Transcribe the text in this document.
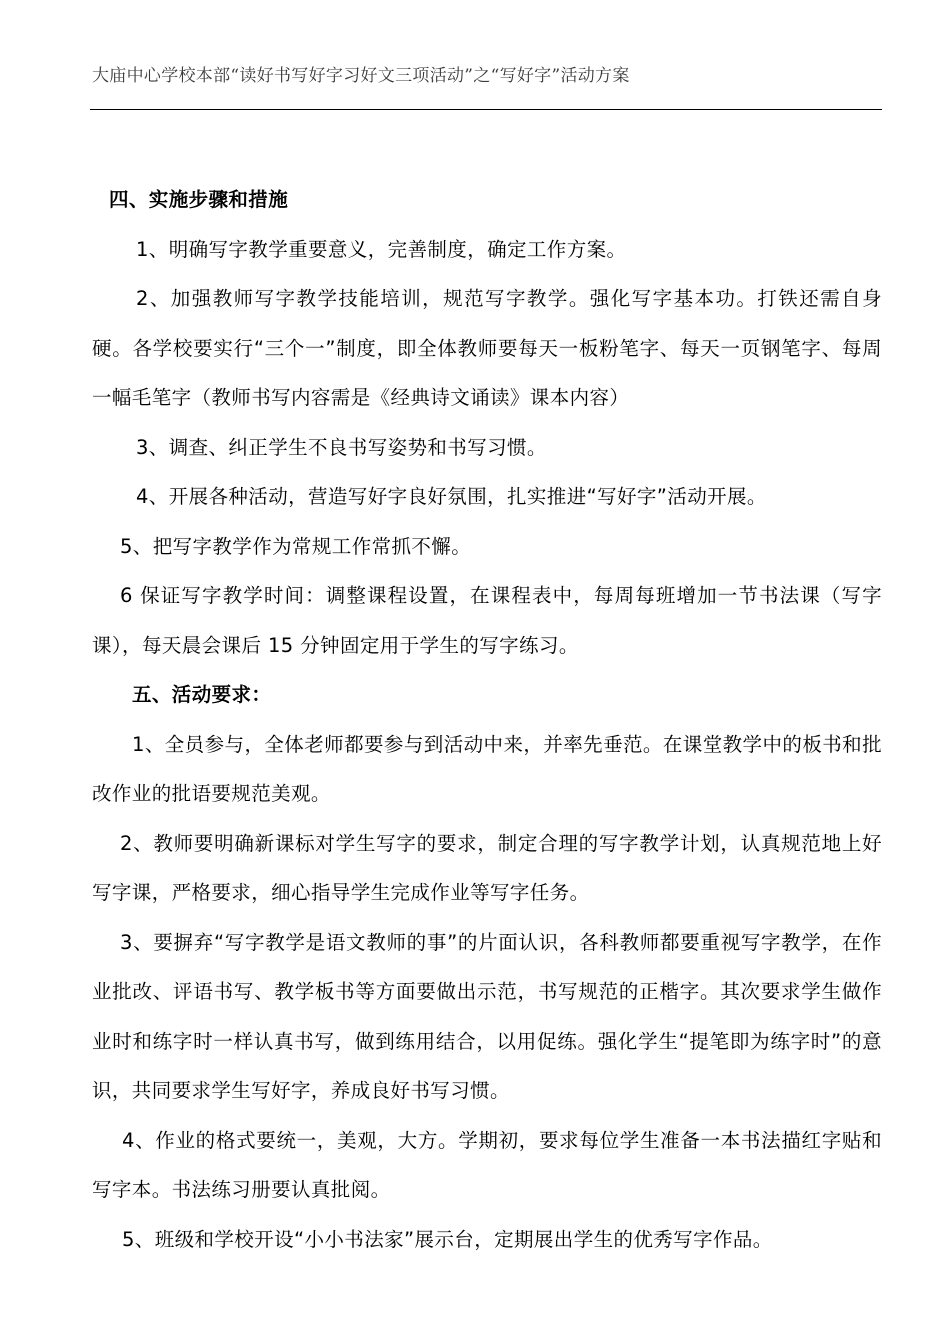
大庙中心学校本部“读好书写好字习好文三项活动”之“写好字”活动方案

四、实施步骤和措施

1、明确写字教学重要意义，完善制度，确定工作方案。

2、加强教师写字教学技能培训，规范写字教学。强化写字基本功。打铁还需自身硬。各学校要实行“三个一”制度，即全体教师要每天一板粉笔字、每天一页钢笔字、每周一幅毛笔字（教师书写内容需是《经典诗文诵读》课本内容）

3、调查、纠正学生不良书写姿势和书写习惯。

4、开展各种活动，营造写好字良好氛围，扎实推进“写好字”活动开展。

5、把写字教学作为常规工作常抓不懈。

6 保证写字教学时间：调整课程设置，在课程表中，每周每班增加一节书法课（写字课），每天晨会课后 15 分钟固定用于学生的写字练习。

五、活动要求：

1、全员参与，全体老师都要参与到活动中来，并率先垂范。在课堂教学中的板书和批改作业的批语要规范美观。

2、教师要明确新课标对学生写字的要求，制定合理的写字教学计划，认真规范地上好写字课，严格要求，细心指导学生完成作业等写字任务。

3、要摒弃“写字教学是语文教师的事”的片面认识，各科教师都要重视写字教学，在作业批改、评语书写、教学板书等方面要做出示范，书写规范的正楷字。其次要求学生做作业时和练字时一样认真书写，做到练用结合，以用促练。强化学生“提笔即为练字时”的意识，共同要求学生写好字，养成良好书写习惯。

4、作业的格式要统一，美观，大方。学期初，要求每位学生准备一本书法描红字贴和写字本。书法练习册要认真批阅。

5、班级和学校开设“小小书法家”展示台，定期展出学生的优秀写字作品。
